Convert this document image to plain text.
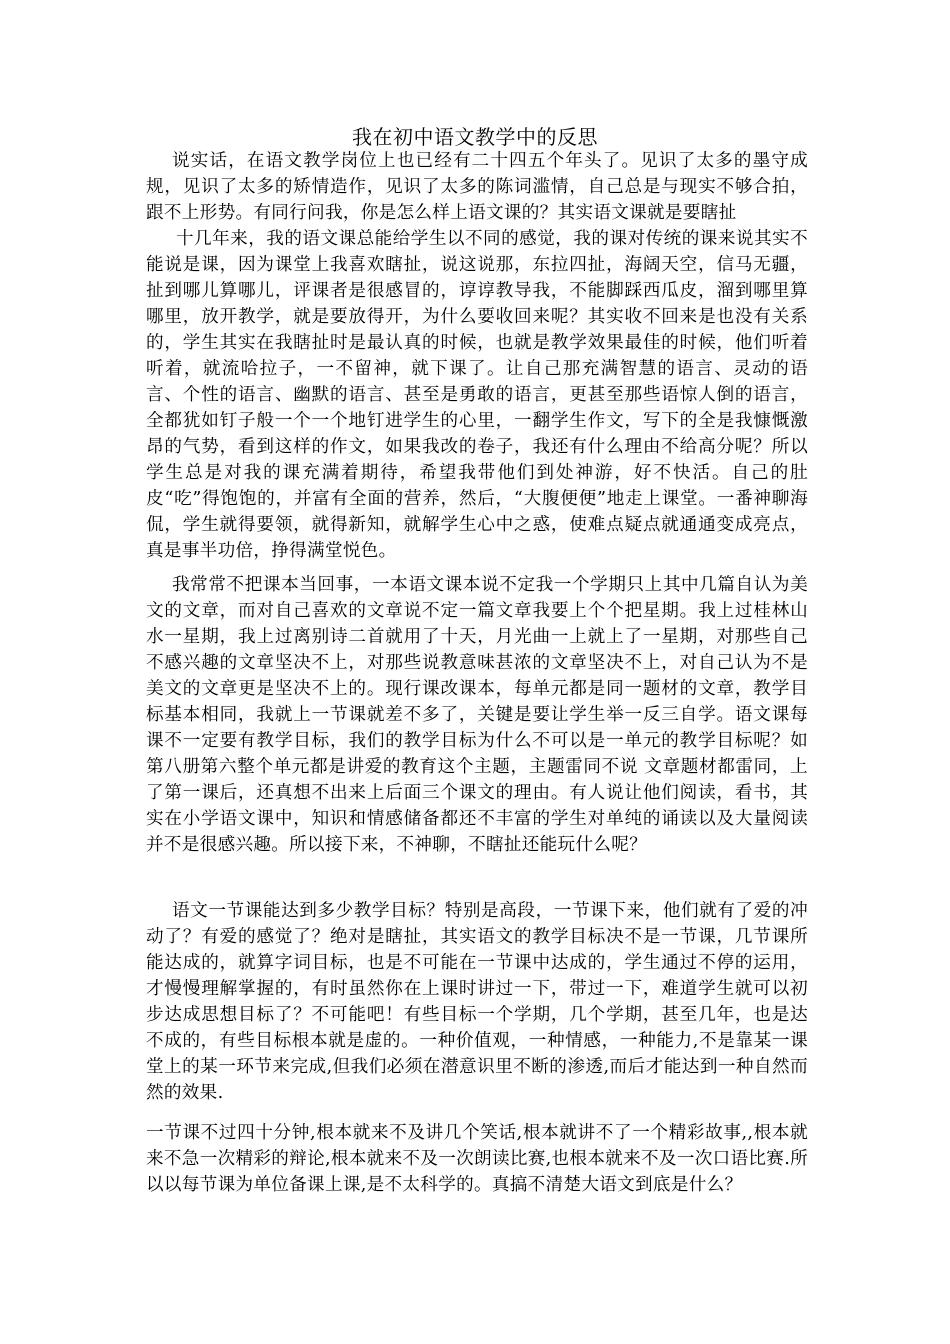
我在初中语文教学中的反思

说实话，在语文教学岗位上也已经有二十四五个年头了。见识了太多的墨守成规，见识了太多的矫情造作，见识了太多的陈词滥情，自己总是与现实不够合拍，跟不上形势。有同行问我，你是怎么样上语文课的？其实语文课就是要瞎扯

十几年来，我的语文课总能给学生以不同的感觉，我的课对传统的课来说其实不能说是课，因为课堂上我喜欢瞎扯，说这说那，东拉四扯，海阔天空，信马无疆，扯到哪儿算哪儿，评课者是很感冒的，谆谆教导我，不能脚踩西瓜皮，溜到哪里算哪里，放开教学，就是要放得开，为什么要收回来呢？其实收不回来是也没有关系的，学生其实在我瞎扯时是最认真的时候，也就是教学效果最佳的时候，他们听着听着，就流哈拉子，一不留神，就下课了。让自己那充满智慧的语言、灵动的语言、个性的语言、幽默的语言、甚至是勇敢的语言，更甚至那些语惊人倒的语言，全都犹如钉子般一个一个地钉进学生的心里，一翻学生作文，写下的全是我慷慨激昂的气势，看到这样的作文，如果我改的卷子，我还有什么理由不给高分呢？所以学生总是对我的课充满着期待，希望我带他们到处神游，好不快活。自己的肚皮“吃”得饱饱的，并富有全面的营养，然后，“大腹便便”地走上课堂。一番神聊海侃，学生就得要领，就得新知，就解学生心中之惑，使难点疑点就通通变成亮点，真是事半功倍，挣得满堂悦色。

我常常不把课本当回事，一本语文课本说不定我一个学期只上其中几篇自认为美文的文章，而对自己喜欢的文章说不定一篇文章我要上个个把星期。我上过桂林山水一星期，我上过离别诗二首就用了十天，月光曲一上就上了一星期，对那些自己不感兴趣的文章坚决不上，对那些说教意味甚浓的文章坚决不上，对自己认为不是美文的文章更是坚决不上的。现行课改课本，每单元都是同一题材的文章，教学目标基本相同，我就上一节课就差不多了，关键是要让学生举一反三自学。语文课每课不一定要有教学目标，我们的教学目标为什么不可以是一单元的教学目标呢？如第八册第六整个单元都是讲爱的教育这个主题，主题雷同不说 文章题材都雷同，上了第一课后，还真想不出来上后面三个课文的理由。有人说让他们阅读，看书，其实在小学语文课中，知识和情感储备都还不丰富的学生对单纯的诵读以及大量阅读并不是很感兴趣。所以接下来，不神聊，不瞎扯还能玩什么呢？

语文一节课能达到多少教学目标？特别是高段，一节课下来，他们就有了爱的冲动了？有爱的感觉了？绝对是瞎扯，其实语文的教学目标决不是一节课，几节课所能达成的，就算字词目标，也是不可能在一节课中达成的，学生通过不停的运用，才慢慢理解掌握的，有时虽然你在上课时讲过一下，带过一下，难道学生就可以初步达成思想目标了？不可能吧！有些目标一个学期，几个学期，甚至几年，也是达不成的，有些目标根本就是虚的。一种价值观，一种情感，一种能力,不是靠某一课堂上的某一环节来完成,但我们必须在潜意识里不断的渗透,而后才能达到一种自然而然的效果.

一节课不过四十分钟,根本就来不及讲几个笑话,根本就讲不了一个精彩故事,,根本就来不急一次精彩的辩论,根本就来不及一次朗读比赛,也根本就来不及一次口语比赛.所以以每节课为单位备课上课,是不太科学的。真搞不清楚大语文到底是什么？
